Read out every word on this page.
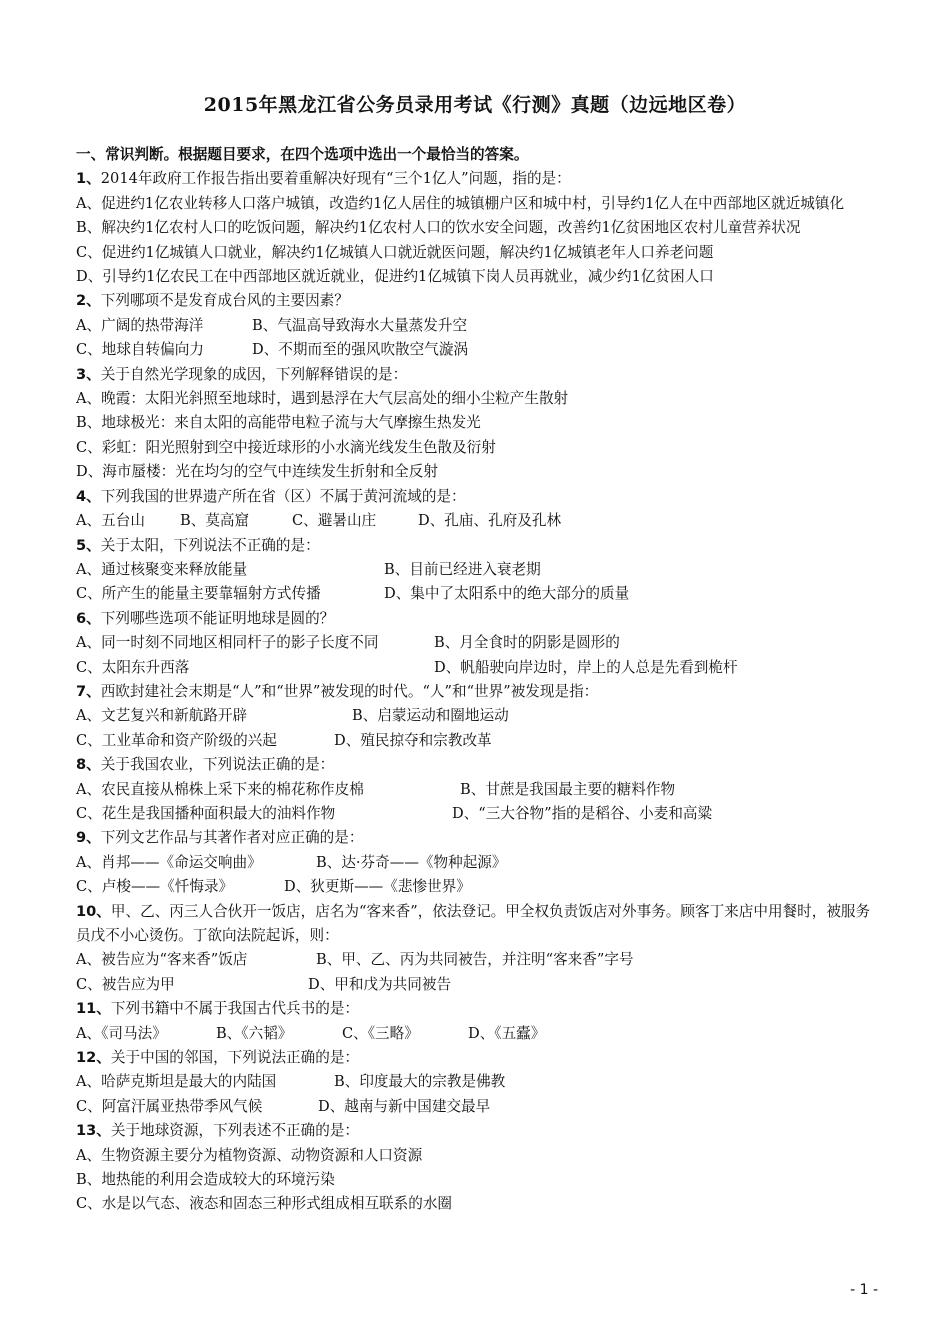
2015年黑龙江省公务员录用考试《行测》真题（边远地区卷）
一、常识判断。根据题目要求，在四个选项中选出一个最恰当的答案。
1、2014年政府工作报告指出要着重解决好现有“三个1亿人”问题，指的是：
A、促进约1亿农业转移人口落户城镇，改造约1亿人居住的城镇棚户区和城中村，引导约1亿人在中西部地区就近城镇化
B、解决约1亿农村人口的吃饭问题，解决约1亿农村人口的饮水安全问题，改善约1亿贫困地区农村儿童营养状况
C、促进约1亿城镇人口就业，解决约1亿城镇人口就近就医问题，解决约1亿城镇老年人口养老问题
D、引导约1亿农民工在中西部地区就近就业，促进约1亿城镇下岗人员再就业，减少约1亿贫困人口
2、下列哪项不是发育成台风的主要因素？
A、广阔的热带海洋	B、气温高导致海水大量蒸发升空
C、地球自转偏向力	D、不期而至的强风吹散空气漩涡
3、关于自然光学现象的成因，下列解释错误的是：
A、晚霞：太阳光斜照至地球时，遇到悬浮在大气层高处的细小尘粒产生散射
B、地球极光：来自太阳的高能带电粒子流与大气摩擦生热发光
C、彩虹：阳光照射到空中接近球形的小水滴光线发生色散及衍射
D、海市蜃楼：光在均匀的空气中连续发生折射和全反射
4、下列我国的世界遗产所在省（区）不属于黄河流域的是：
A、五台山	B、莫高窟	C、避暑山庄	D、孔庙、孔府及孔林
5、关于太阳，下列说法不正确的是：
A、通过核聚变来释放能量	B、目前已经进入衰老期
C、所产生的能量主要靠辐射方式传播	D、集中了太阳系中的绝大部分的质量
6、下列哪些选项不能证明地球是圆的？
A、同一时刻不同地区相同杆子的影子长度不同	B、月全食时的阴影是圆形的
C、太阳东升西落	D、帆船驶向岸边时，岸上的人总是先看到桅杆
7、西欧封建社会末期是“人”和“世界”被发现的时代。“人”和“世界”被发现是指：
A、文艺复兴和新航路开辟	B、启蒙运动和圈地运动
C、工业革命和资产阶级的兴起	D、殖民掠夺和宗教改革
8、关于我国农业，下列说法正确的是：
A、农民直接从棉株上采下来的棉花称作皮棉	B、甘蔗是我国最主要的糖料作物
C、花生是我国播种面积最大的油料作物	D、“三大谷物”指的是稻谷、小麦和高粱
9、下列文艺作品与其著作者对应正确的是：
A、肖邦——《命运交响曲》	B、达·芬奇——《物种起源》
C、卢梭——《忏悔录》	D、狄更斯——《悲惨世界》
10、甲、乙、丙三人合伙开一饭店，店名为“客来香”，依法登记。甲全权负责饭店对外事务。顾客丁来店中用餐时，被服务员戊不小心烫伤。丁欲向法院起诉，则：
A、被告应为“客来香”饭店	B、甲、乙、丙为共同被告，并注明“客来香”字号
C、被告应为甲	D、甲和戊为共同被告
11、下列书籍中不属于我国古代兵书的是：
A、《司马法》	B、《六韬》	C、《三略》	D、《五蠹》
12、关于中国的邻国，下列说法正确的是：
A、哈萨克斯坦是最大的内陆国	B、印度最大的宗教是佛教
C、阿富汗属亚热带季风气候	D、越南与新中国建交最早
13、关于地球资源，下列表述不正确的是：
A、生物资源主要分为植物资源、动物资源和人口资源
B、地热能的利用会造成较大的环境污染
C、水是以气态、液态和固态三种形式组成相互联系的水圈
- 1 -
